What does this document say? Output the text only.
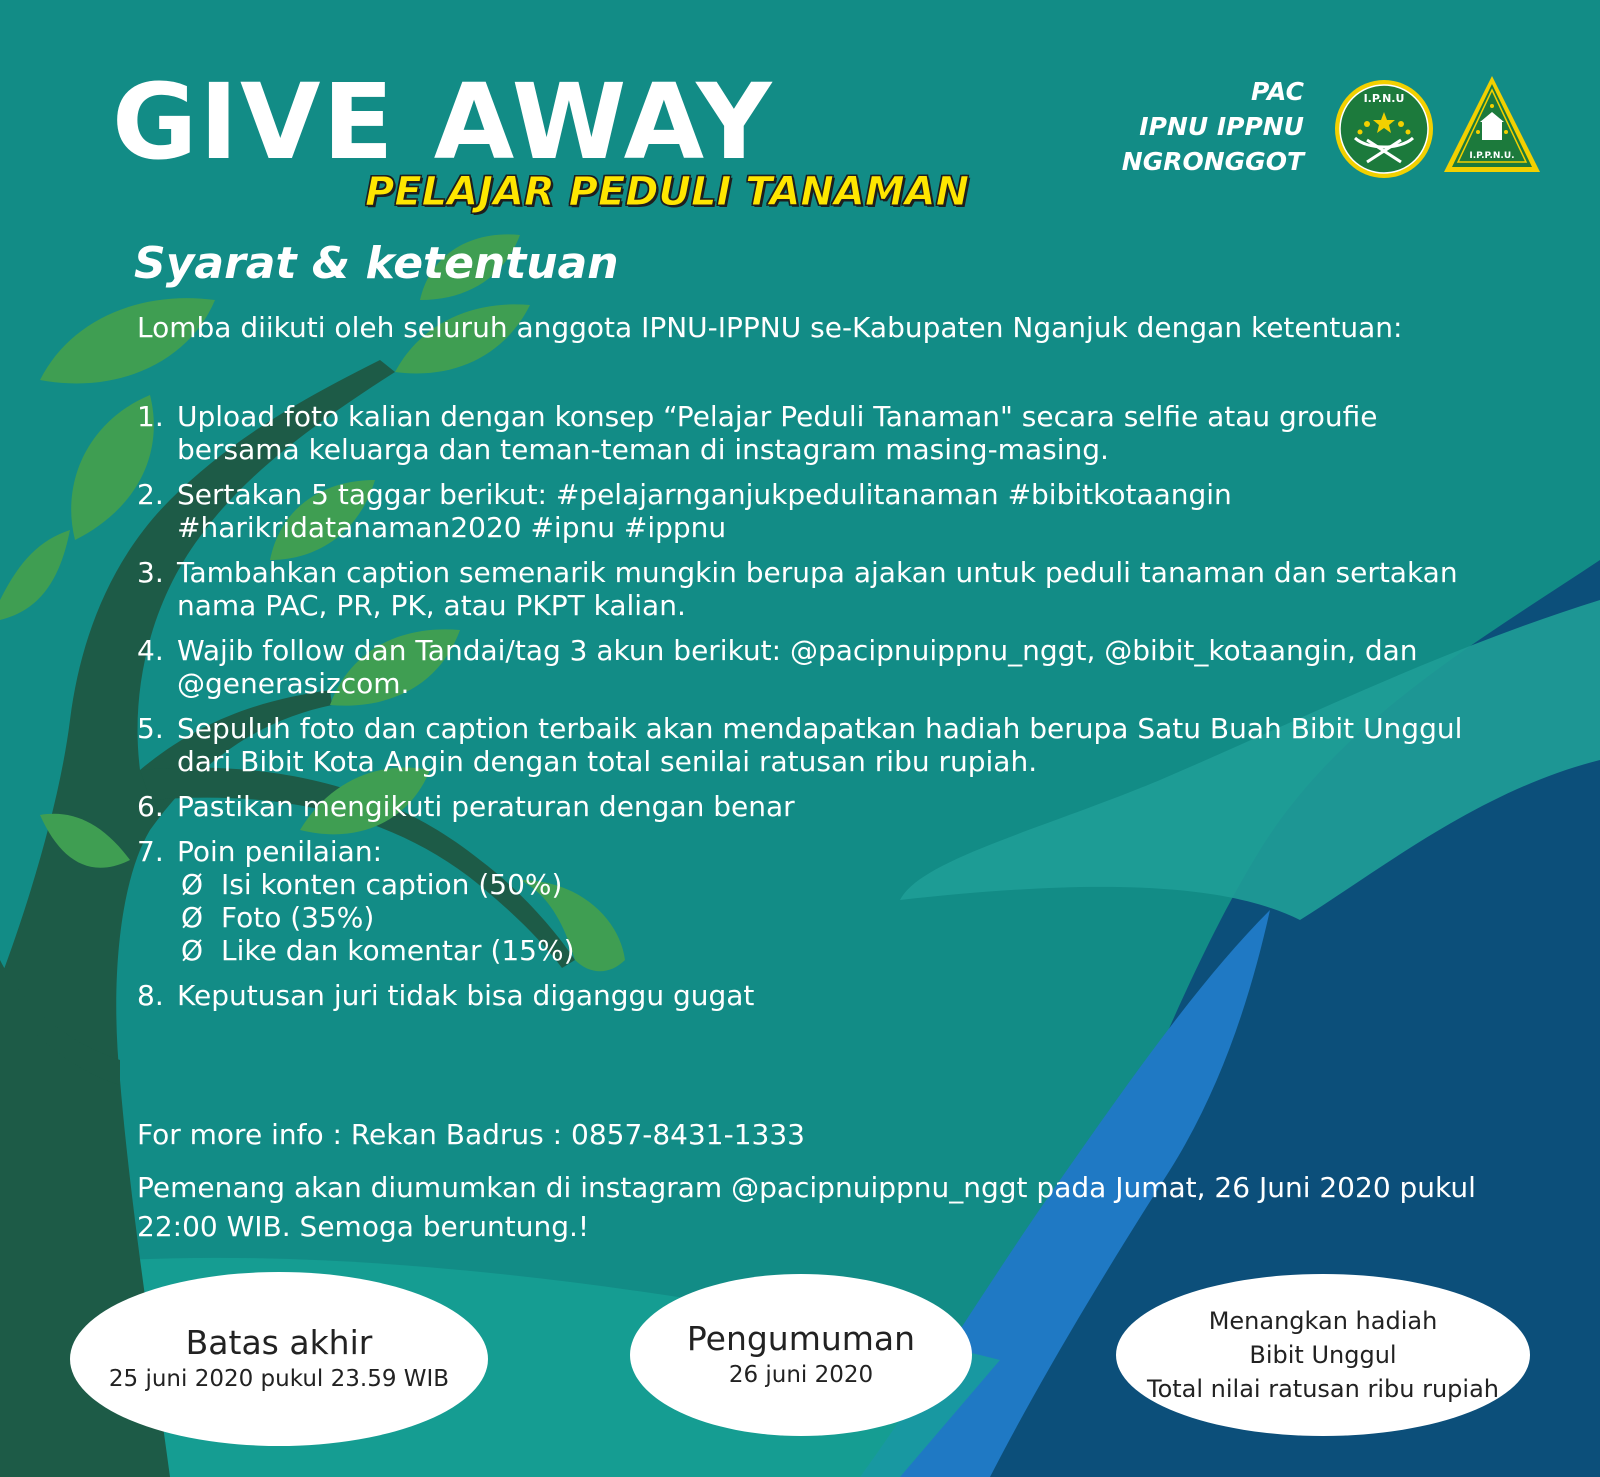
GIVE AWAY
PELAJAR PEDULI TANAMAN
PAC
IPNU IPPNU
NGRONGGOT
I.P.N.U
I.P.P.N.U.
Syarat & ketentuan

Lomba diikuti oleh seluruh anggota IPNU-IPPNU se-Kabupaten Nganjuk dengan ketentuan:

1. Upload foto kalian dengan konsep “Pelajar Peduli Tanaman" secara selfie atau groufie bersama keluarga dan teman-teman di instagram masing-masing.
2. Sertakan 5 taggar berikut: #pelajarnganjukpedulitanaman #bibitkotaangin #harikridatanaman2020 #ipnu #ippnu
3. Tambahkan caption semenarik mungkin berupa ajakan untuk peduli tanaman dan sertakan nama PAC, PR, PK, atau PKPT kalian.
4. Wajib follow dan Tandai/tag 3 akun berikut: @pacipnuippnu_nggt, @bibit_kotaangin, dan @generasizcom.
5. Sepuluh foto dan caption terbaik akan mendapatkan hadiah berupa Satu Buah Bibit Unggul dari Bibit Kota Angin dengan total senilai ratusan ribu rupiah.
6. Pastikan mengikuti peraturan dengan benar
7. Poin penilaian:
Ø Isi konten caption (50%)
Ø Foto (35%)
Ø Like dan komentar (15%)
8. Keputusan juri tidak bisa diganggu gugat

For more info : Rekan Badrus : 0857-8431-1333

Pemenang akan diumumkan di instagram @pacipnuippnu_nggt pada Jumat, 26 Juni 2020 pukul 22:00 WIB. Semoga beruntung.!

Batas akhir

25 juni 2020 pukul 23.59 WIB

Pengumuman

26 juni 2020

Menangkan hadiah

Bibit Unggul

Total nilai ratusan ribu rupiah
